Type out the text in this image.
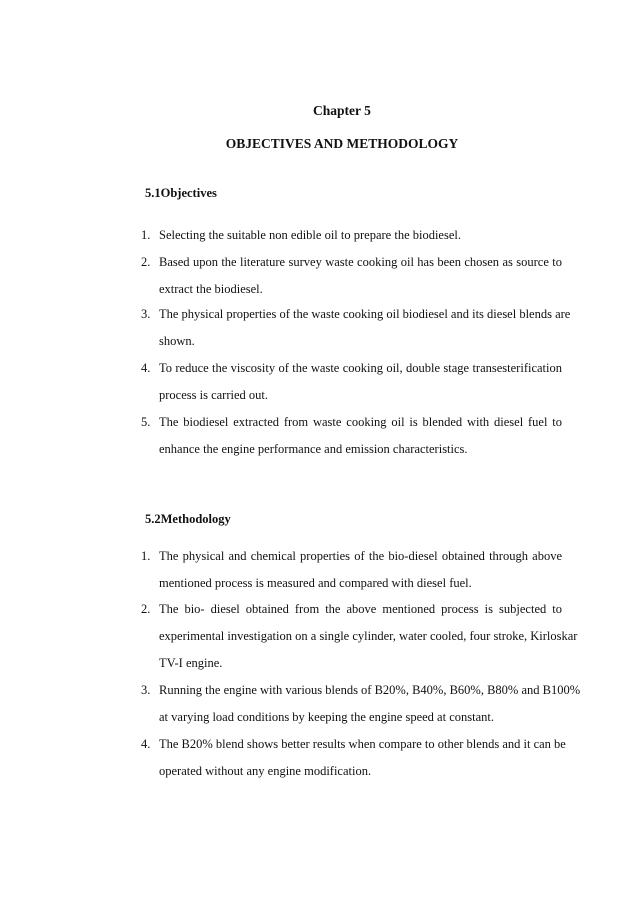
Chapter 5
OBJECTIVES AND METHODOLOGY
5.1Objectives
1. Selecting the suitable non edible oil to prepare the biodiesel.
2. Based upon the literature survey waste cooking oil has been chosen as source to
extract the biodiesel.
3. The physical properties of the waste cooking oil biodiesel and its diesel blends are
shown.
4. To reduce the viscosity of the waste cooking oil, double stage transesterification
process is carried out.
5. The biodiesel extracted from waste cooking oil is blended with diesel fuel to
enhance the engine performance and emission characteristics.
5.2Methodology
1. The physical and chemical properties of the bio-diesel obtained through above
mentioned process is measured and compared with diesel fuel.
2. The bio- diesel obtained from the above mentioned process is subjected to
experimental investigation on a single cylinder, water cooled, four stroke, Kirloskar
TV-I engine.
3. Running the engine with various blends of B20%, B40%, B60%, B80% and B100%
at varying load conditions by keeping the engine speed at constant.
4. The B20% blend shows better results when compare to other blends and it can be
operated without any engine modification.
